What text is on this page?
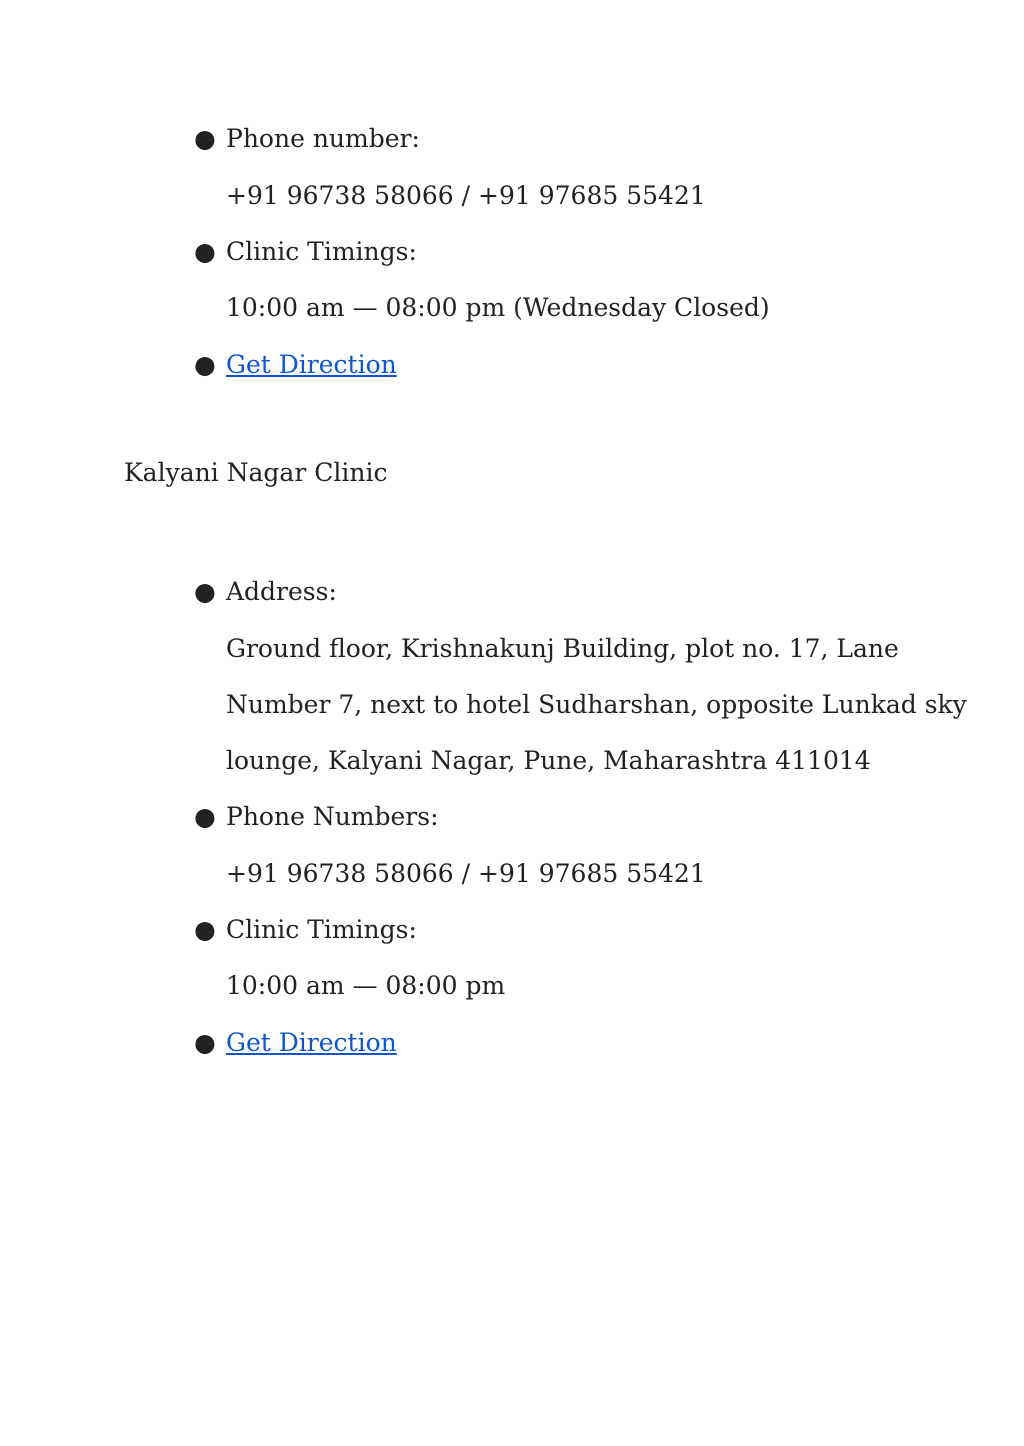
● Phone number:
+91 96738 58066 / +91 97685 55421
● Clinic Timings:
10:00 am — 08:00 pm (Wednesday Closed)
● Get Direction
Kalyani Nagar Clinic
● Address:
Ground floor, Krishnakunj Building, plot no. 17, Lane
Number 7, next to hotel Sudharshan, opposite Lunkad sky
lounge, Kalyani Nagar, Pune, Maharashtra 411014
● Phone Numbers:
+91 96738 58066 / +91 97685 55421
● Clinic Timings:
10:00 am — 08:00 pm
● Get Direction
